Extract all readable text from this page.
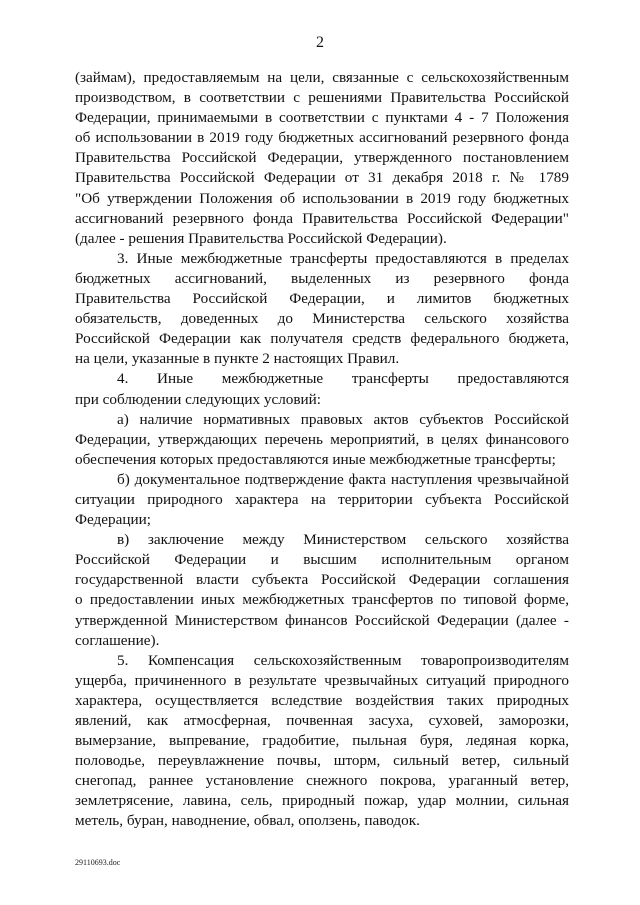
2
(займам), предоставляемым на цели, связанные с сельскохозяйственным
производством, в соответствии с решениями Правительства Российской
Федерации, принимаемыми в соответствии с пунктами 4 - 7 Положения
об использовании в 2019 году бюджетных ассигнований резервного фонда
Правительства Российской Федерации, утвержденного постановлением
Правительства Российской Федерации от 31 декабря 2018 г. № 1789
"Об утверждении Положения об использовании в 2019 году бюджетных
ассигнований резервного фонда Правительства Российской Федерации"
(далее - решения Правительства Российской Федерации).
3. Иные межбюджетные трансферты предоставляются в пределах
бюджетных ассигнований, выделенных из резервного фонда
Правительства Российской Федерации, и лимитов бюджетных
обязательств, доведенных до Министерства сельского хозяйства
Российской Федерации как получателя средств федерального бюджета,
на цели, указанные в пункте 2 настоящих Правил.
4. Иные межбюджетные трансферты предоставляются
при соблюдении следующих условий:
а) наличие нормативных правовых актов субъектов Российской
Федерации, утверждающих перечень мероприятий, в целях финансового
обеспечения которых предоставляются иные межбюджетные трансферты;
б) документальное подтверждение факта наступления чрезвычайной
ситуации природного характера на территории субъекта Российской
Федерации;
в) заключение между Министерством сельского хозяйства
Российской Федерации и высшим исполнительным органом
государственной власти субъекта Российской Федерации соглашения
о предоставлении иных межбюджетных трансфертов по типовой форме,
утвержденной Министерством финансов Российской Федерации (далее -
соглашение).
5. Компенсация сельскохозяйственным товаропроизводителям
ущерба, причиненного в результате чрезвычайных ситуаций природного
характера, осуществляется вследствие воздействия таких природных
явлений, как атмосферная, почвенная засуха, суховей, заморозки,
вымерзание, выпревание, градобитие, пыльная буря, ледяная корка,
половодье, переувлажнение почвы, шторм, сильный ветер, сильный
снегопад, раннее установление снежного покрова, ураганный ветер,
землетрясение, лавина, сель, природный пожар, удар молнии, сильная
метель, буран, наводнение, обвал, оползень, паводок.
29110693.doc
